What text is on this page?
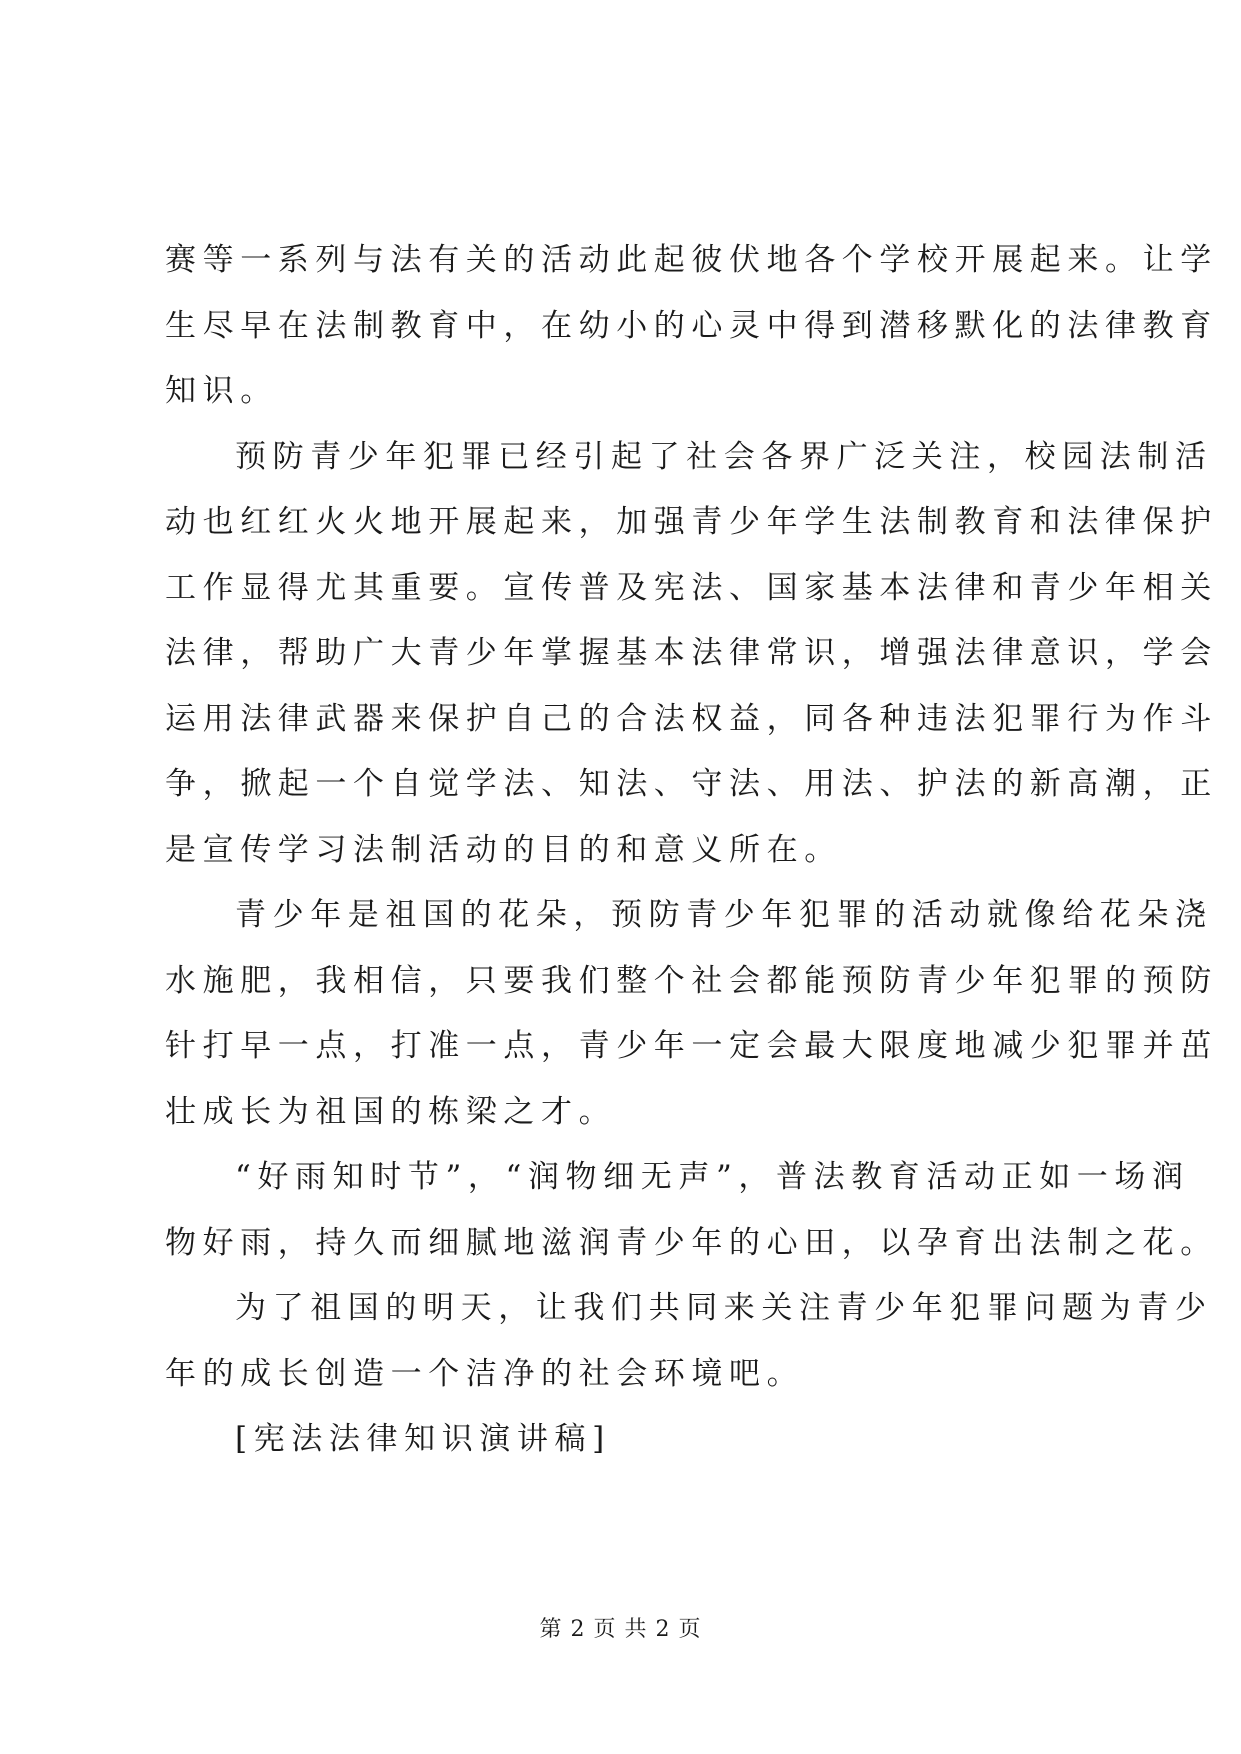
赛等一系列与法有关的活动此起彼伏地各个学校开展起来。让学
生尽早在法制教育中，在幼小的心灵中得到潜移默化的法律教育
知识。
预防青少年犯罪已经引起了社会各界广泛关注，校园法制活
动也红红火火地开展起来，加强青少年学生法制教育和法律保护
工作显得尤其重要。宣传普及宪法、国家基本法律和青少年相关
法律，帮助广大青少年掌握基本法律常识，增强法律意识，学会
运用法律武器来保护自己的合法权益，同各种违法犯罪行为作斗
争，掀起一个自觉学法、知法、守法、用法、护法的新高潮，正
是宣传学习法制活动的目的和意义所在。
青少年是祖国的花朵，预防青少年犯罪的活动就像给花朵浇
水施肥，我相信，只要我们整个社会都能预防青少年犯罪的预防
针打早一点，打准一点，青少年一定会最大限度地减少犯罪并茁
壮成长为祖国的栋梁之才。
“好雨知时节”，“润物细无声”，普法教育活动正如一场润
物好雨，持久而细腻地滋润青少年的心田，以孕育出法制之花。
为了祖国的明天，让我们共同来关注青少年犯罪问题为青少
年的成长创造一个洁净的社会环境吧。
[宪法法律知识演讲稿]
第 2 页 共 2 页
